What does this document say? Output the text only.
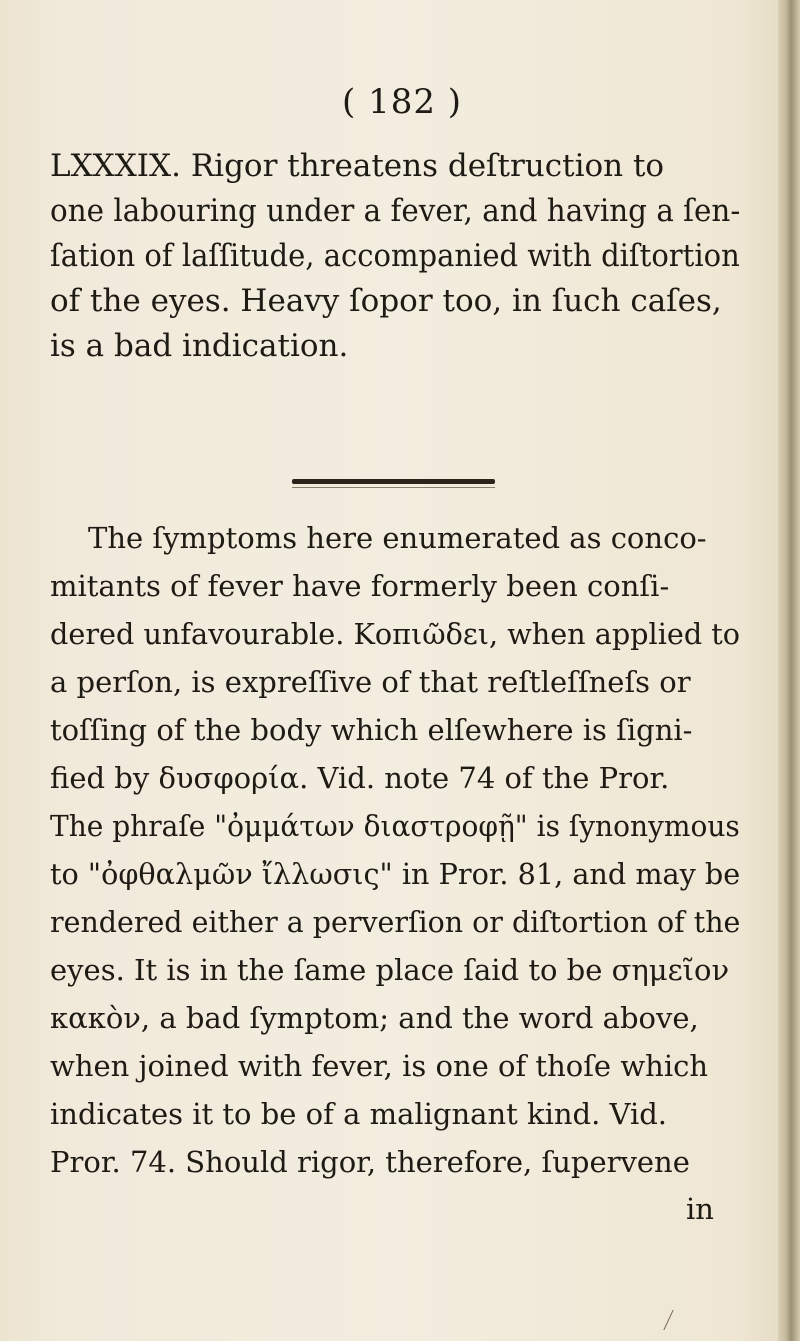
( 182 )
LXXXIX. Rigor threatens deſtruction to
one labouring under a fever, and having a ſen-
ſation of laſſitude, accompanied with diſtortion
of the eyes. Heavy ſopor too, in ſuch caſes,
is a bad indication.
The ſymptoms here enumerated as conco-
mitants of fever have formerly been conſi-
dered unfavourable. Κοπιῶδει, when applied to
a perſon, is expreſſive of that reſtleſſneſs or
toſſing of the body which elſewhere is ſigni-
fied by δυσφορία. Vid. note 74 of the Pror.
The phraſe "ὀμμάτων διαστροφῇ" is ſynonymous
to "ὀφθαλμῶν ἴλλωσις" in Pror. 81, and may be
rendered either a perverſion or diſtortion of the
eyes. It is in the ſame place ſaid to be σημεῖον
κακὸν, a bad ſymptom; and the word above,
when joined with fever, is one of thoſe which
indicates it to be of a malignant kind. Vid.
Pror. 74. Should rigor, therefore, ſupervene
in
